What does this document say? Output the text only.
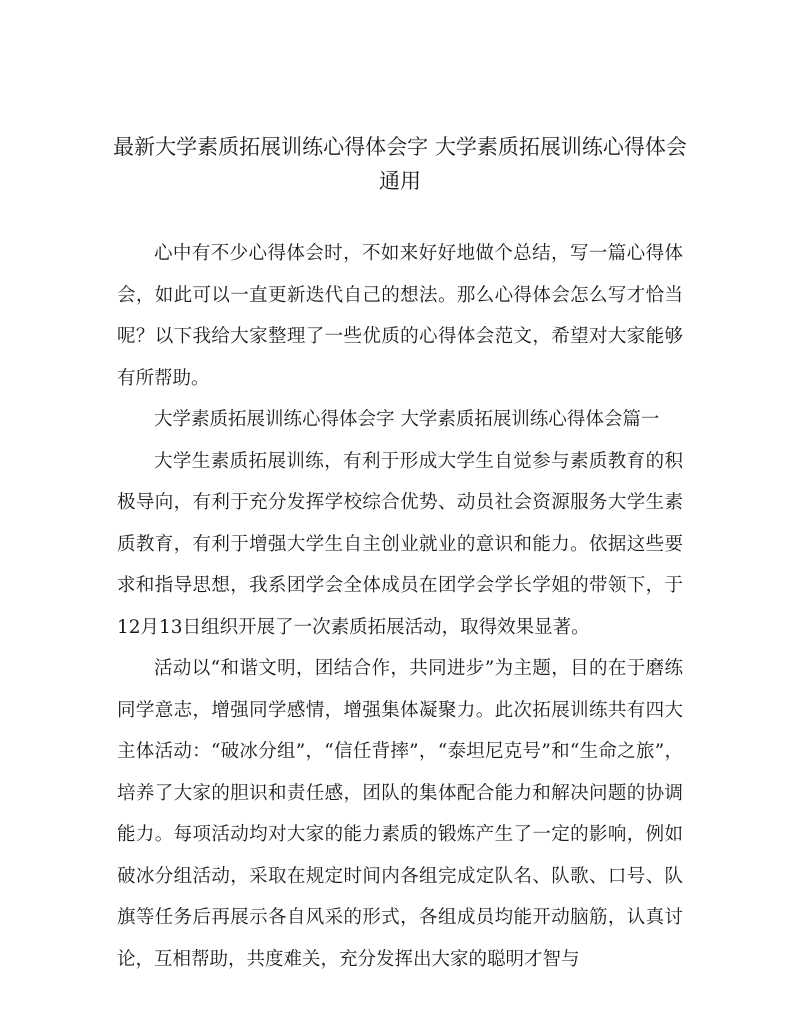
最新大学素质拓展训练心得体会字 大学素质拓展训练心得体会通用

心中有不少心得体会时，不如来好好地做个总结，写一篇心得体会，如此可以一直更新迭代自己的想法。那么心得体会怎么写才恰当呢？以下我给大家整理了一些优质的心得体会范文，希望对大家能够有所帮助。

大学素质拓展训练心得体会字 大学素质拓展训练心得体会篇一

大学生素质拓展训练，有利于形成大学生自觉参与素质教育的积极导向，有利于充分发挥学校综合优势、动员社会资源服务大学生素质教育，有利于增强大学生自主创业就业的意识和能力。依据这些要求和指导思想，我系团学会全体成员在团学会学长学姐的带领下，于12月13日组织开展了一次素质拓展活动，取得效果显著。

活动以“和谐文明，团结合作，共同进步”为主题，目的在于磨练同学意志，增强同学感情，增强集体凝聚力。此次拓展训练共有四大主体活动：“破冰分组”，“信任背摔”，“泰坦尼克号”和“生命之旅”，培养了大家的胆识和责任感，团队的集体配合能力和解决问题的协调能力。每项活动均对大家的能力素质的锻炼产生了一定的影响，例如破冰分组活动，采取在规定时间内各组完成定队名、队歌、口号、队旗等任务后再展示各自风采的形式，各组成员均能开动脑筋，认真讨论，互相帮助，共度难关，充分发挥出大家的聪明才智与
